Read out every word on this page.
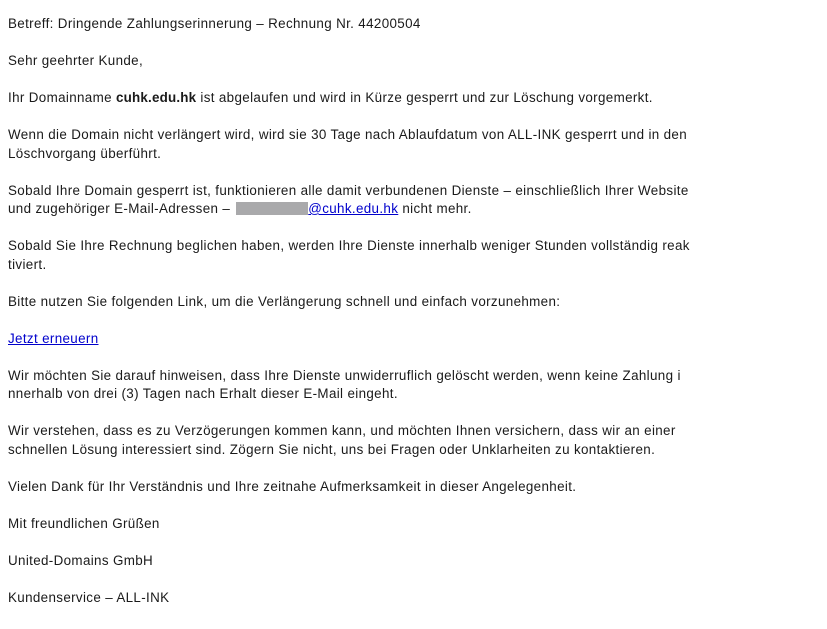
Betreff: Dringende Zahlungserinnerung – Rechnung Nr. 44200504

Sehr geehrter Kunde,

Ihr Domainname cuhk.edu.hk ist abgelaufen und wird in Kürze gesperrt und zur Löschung vorgemerkt.

Wenn die Domain nicht verlängert wird, wird sie 30 Tage nach Ablaufdatum von ALL-INK gesperrt und in den
Löschvorgang überführt.
Sobald Ihre Domain gesperrt ist, funktionieren alle damit verbundenen Dienste – einschließlich Ihrer Website
und zugehöriger E-Mail-Adressen –	@cuhk.edu.hk nicht mehr.
Sobald Sie Ihre Rechnung beglichen haben, werden Ihre Dienste innerhalb weniger Stunden vollständig reak
tiviert.

Bitte nutzen Sie folgenden Link, um die Verlängerung schnell und einfach vorzunehmen:

Jetzt erneuern

Wir möchten Sie darauf hinweisen, dass Ihre Dienste unwiderruflich gelöscht werden, wenn keine Zahlung i
nnerhalb von drei (3) Tagen nach Erhalt dieser E-Mail eingeht.
Wir verstehen, dass es zu Verzögerungen kommen kann, und möchten Ihnen versichern, dass wir an einer
schnellen Lösung interessiert sind. Zögern Sie nicht, uns bei Fragen oder Unklarheiten zu kontaktieren.

Vielen Dank für Ihr Verständnis und Ihre zeitnahe Aufmerksamkeit in dieser Angelegenheit.

Mit freundlichen Grüßen

United-Domains GmbH

Kundenservice – ALL-INK
